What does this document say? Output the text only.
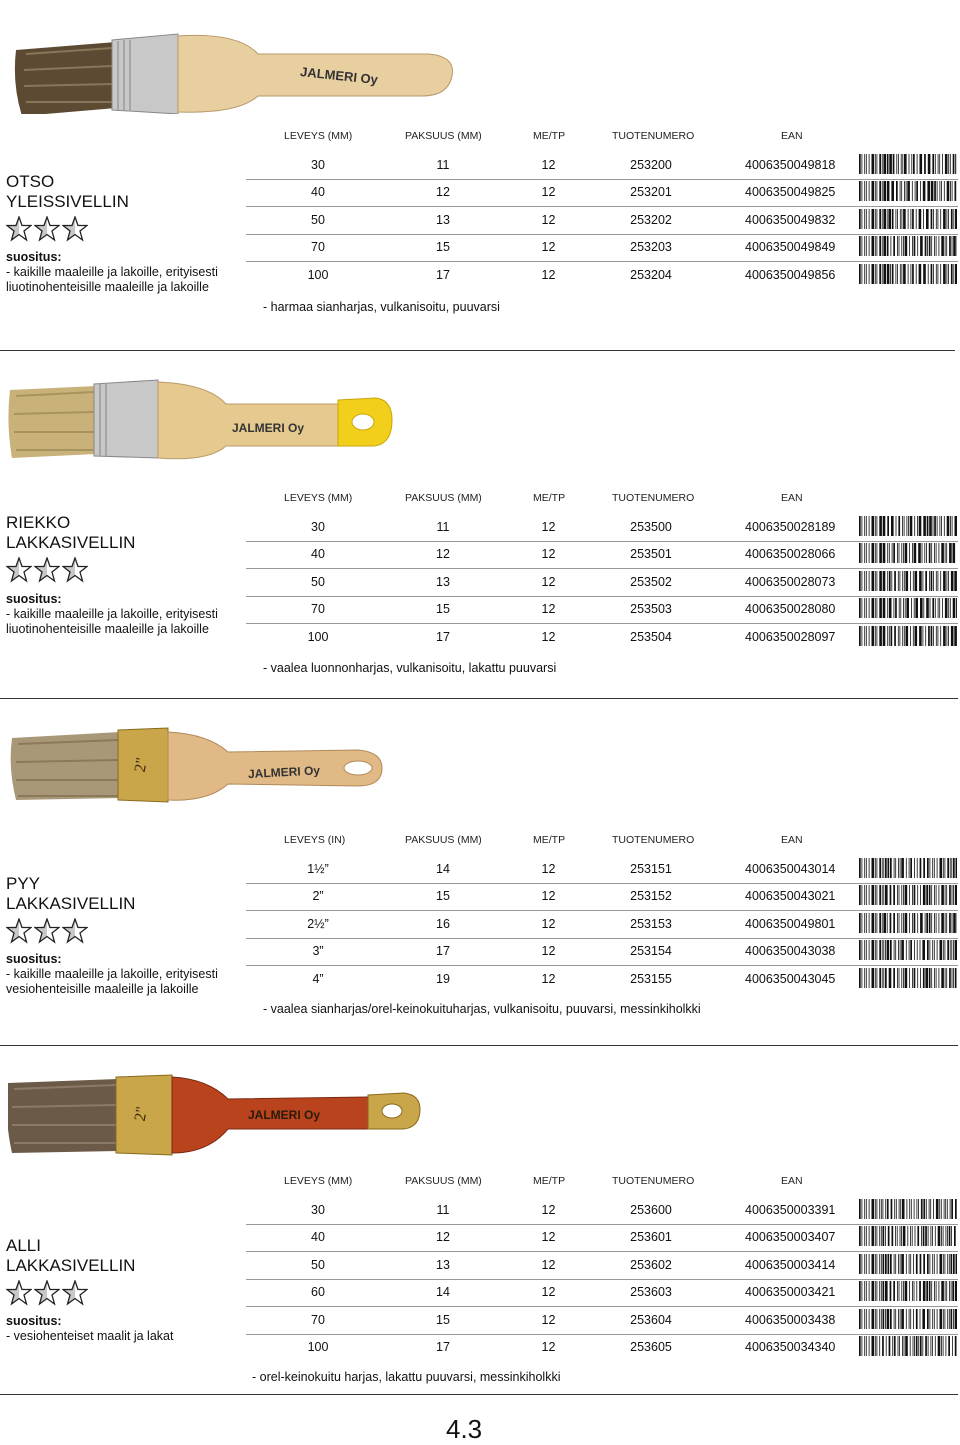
JALMERI Oy
OTSO
YLEISSIVELLIN
suositus:
- kaikille maaleille ja lakoille, erityisesti liuotinohenteisille maaleille ja lakoille
LEVEYS (MM)	PAKSUUS (MM)	ME/TP	TUOTENUMERO	EAN
30	11	12	253200	4006350049818
40	12	12	253201	4006350049825
50	13	12	253202	4006350049832
70	15	12	253203	4006350049849
100	17	12	253204	4006350049856
- harmaa sianharjas, vulkanisoitu, puuvarsi
JALMERI Oy
RIEKKO
LAKKASIVELLIN
suositus:
- kaikille maaleille ja lakoille, erityisesti liuotinohenteisille maaleille ja lakoille
LEVEYS (MM)	PAKSUUS (MM)	ME/TP	TUOTENUMERO	EAN
30	11	12	253500	4006350028189
40	12	12	253501	4006350028066
50	13	12	253502	4006350028073
70	15	12	253503	4006350028080
100	17	12	253504	4006350028097
- vaalea luonnonharjas, vulkanisoitu, lakattu puuvarsi
2"	JALMERI Oy
PYY
LAKKASIVELLIN
suositus:
- kaikille maaleille ja lakoille, erityisesti vesiohenteisille maaleille ja lakoille
LEVEYS (IN)	PAKSUUS (MM)	ME/TP	TUOTENUMERO	EAN
1½”	14	12	253151	4006350043014
2”	15	12	253152	4006350043021
2½”	16	12	253153	4006350049801
3”	17	12	253154	4006350043038
4”	19	12	253155	4006350043045
- vaalea sianharjas/orel-keinokuituharjas, vulkanisoitu, puuvarsi, messinkiholkki
2"	JALMERI Oy
ALLI
LAKKASIVELLIN
suositus:
- vesiohenteiset maalit ja lakat
LEVEYS (MM)	PAKSUUS (MM)	ME/TP	TUOTENUMERO	EAN
30	11	12	253600	4006350003391
40	12	12	253601	4006350003407
50	13	12	253602	4006350003414
60	14	12	253603	4006350003421
70	15	12	253604	4006350003438
100	17	12	253605	4006350034340
- orel-keinokuitu harjas, lakattu puuvarsi, messinkiholkki
4.3
